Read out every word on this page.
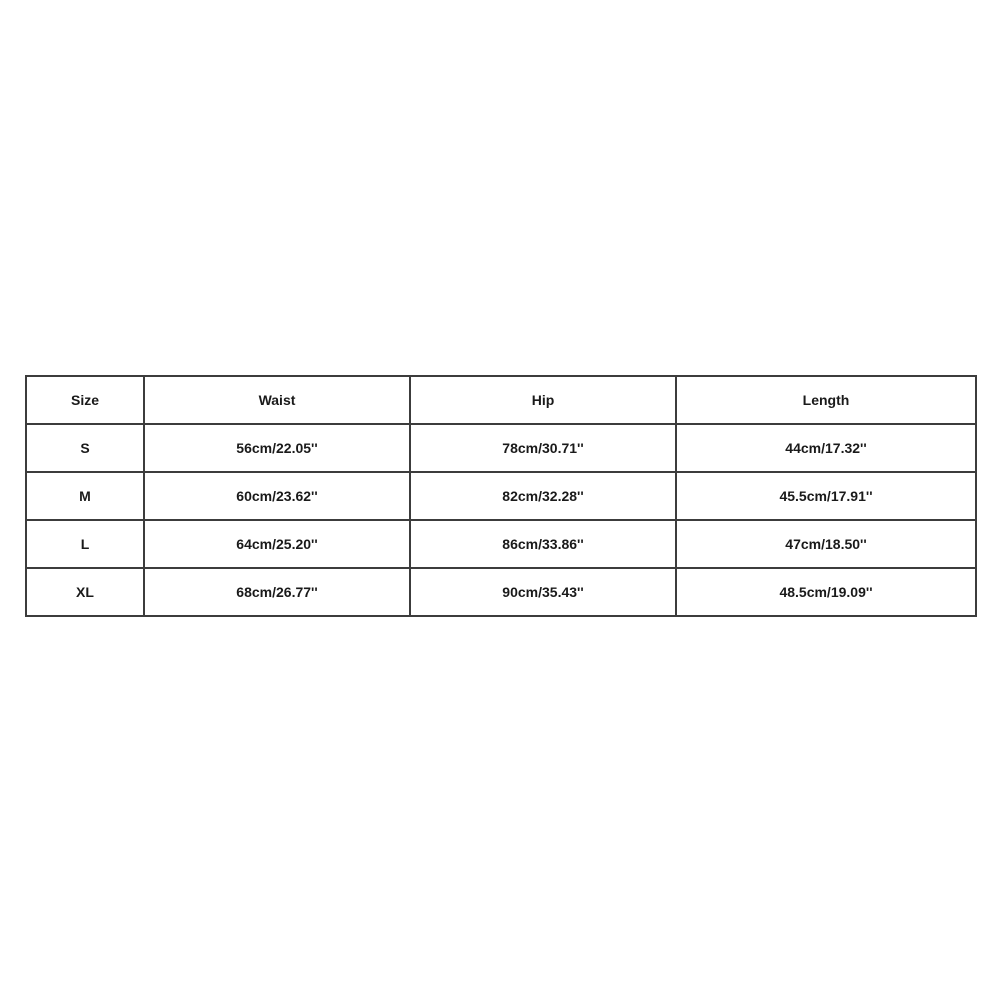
Size	Waist	Hip	Length
S	56cm/22.05''	78cm/30.71''	44cm/17.32''
M	60cm/23.62''	82cm/32.28''	45.5cm/17.91''
L	64cm/25.20''	86cm/33.86''	47cm/18.50''
XL	68cm/26.77''	90cm/35.43''	48.5cm/19.09''
